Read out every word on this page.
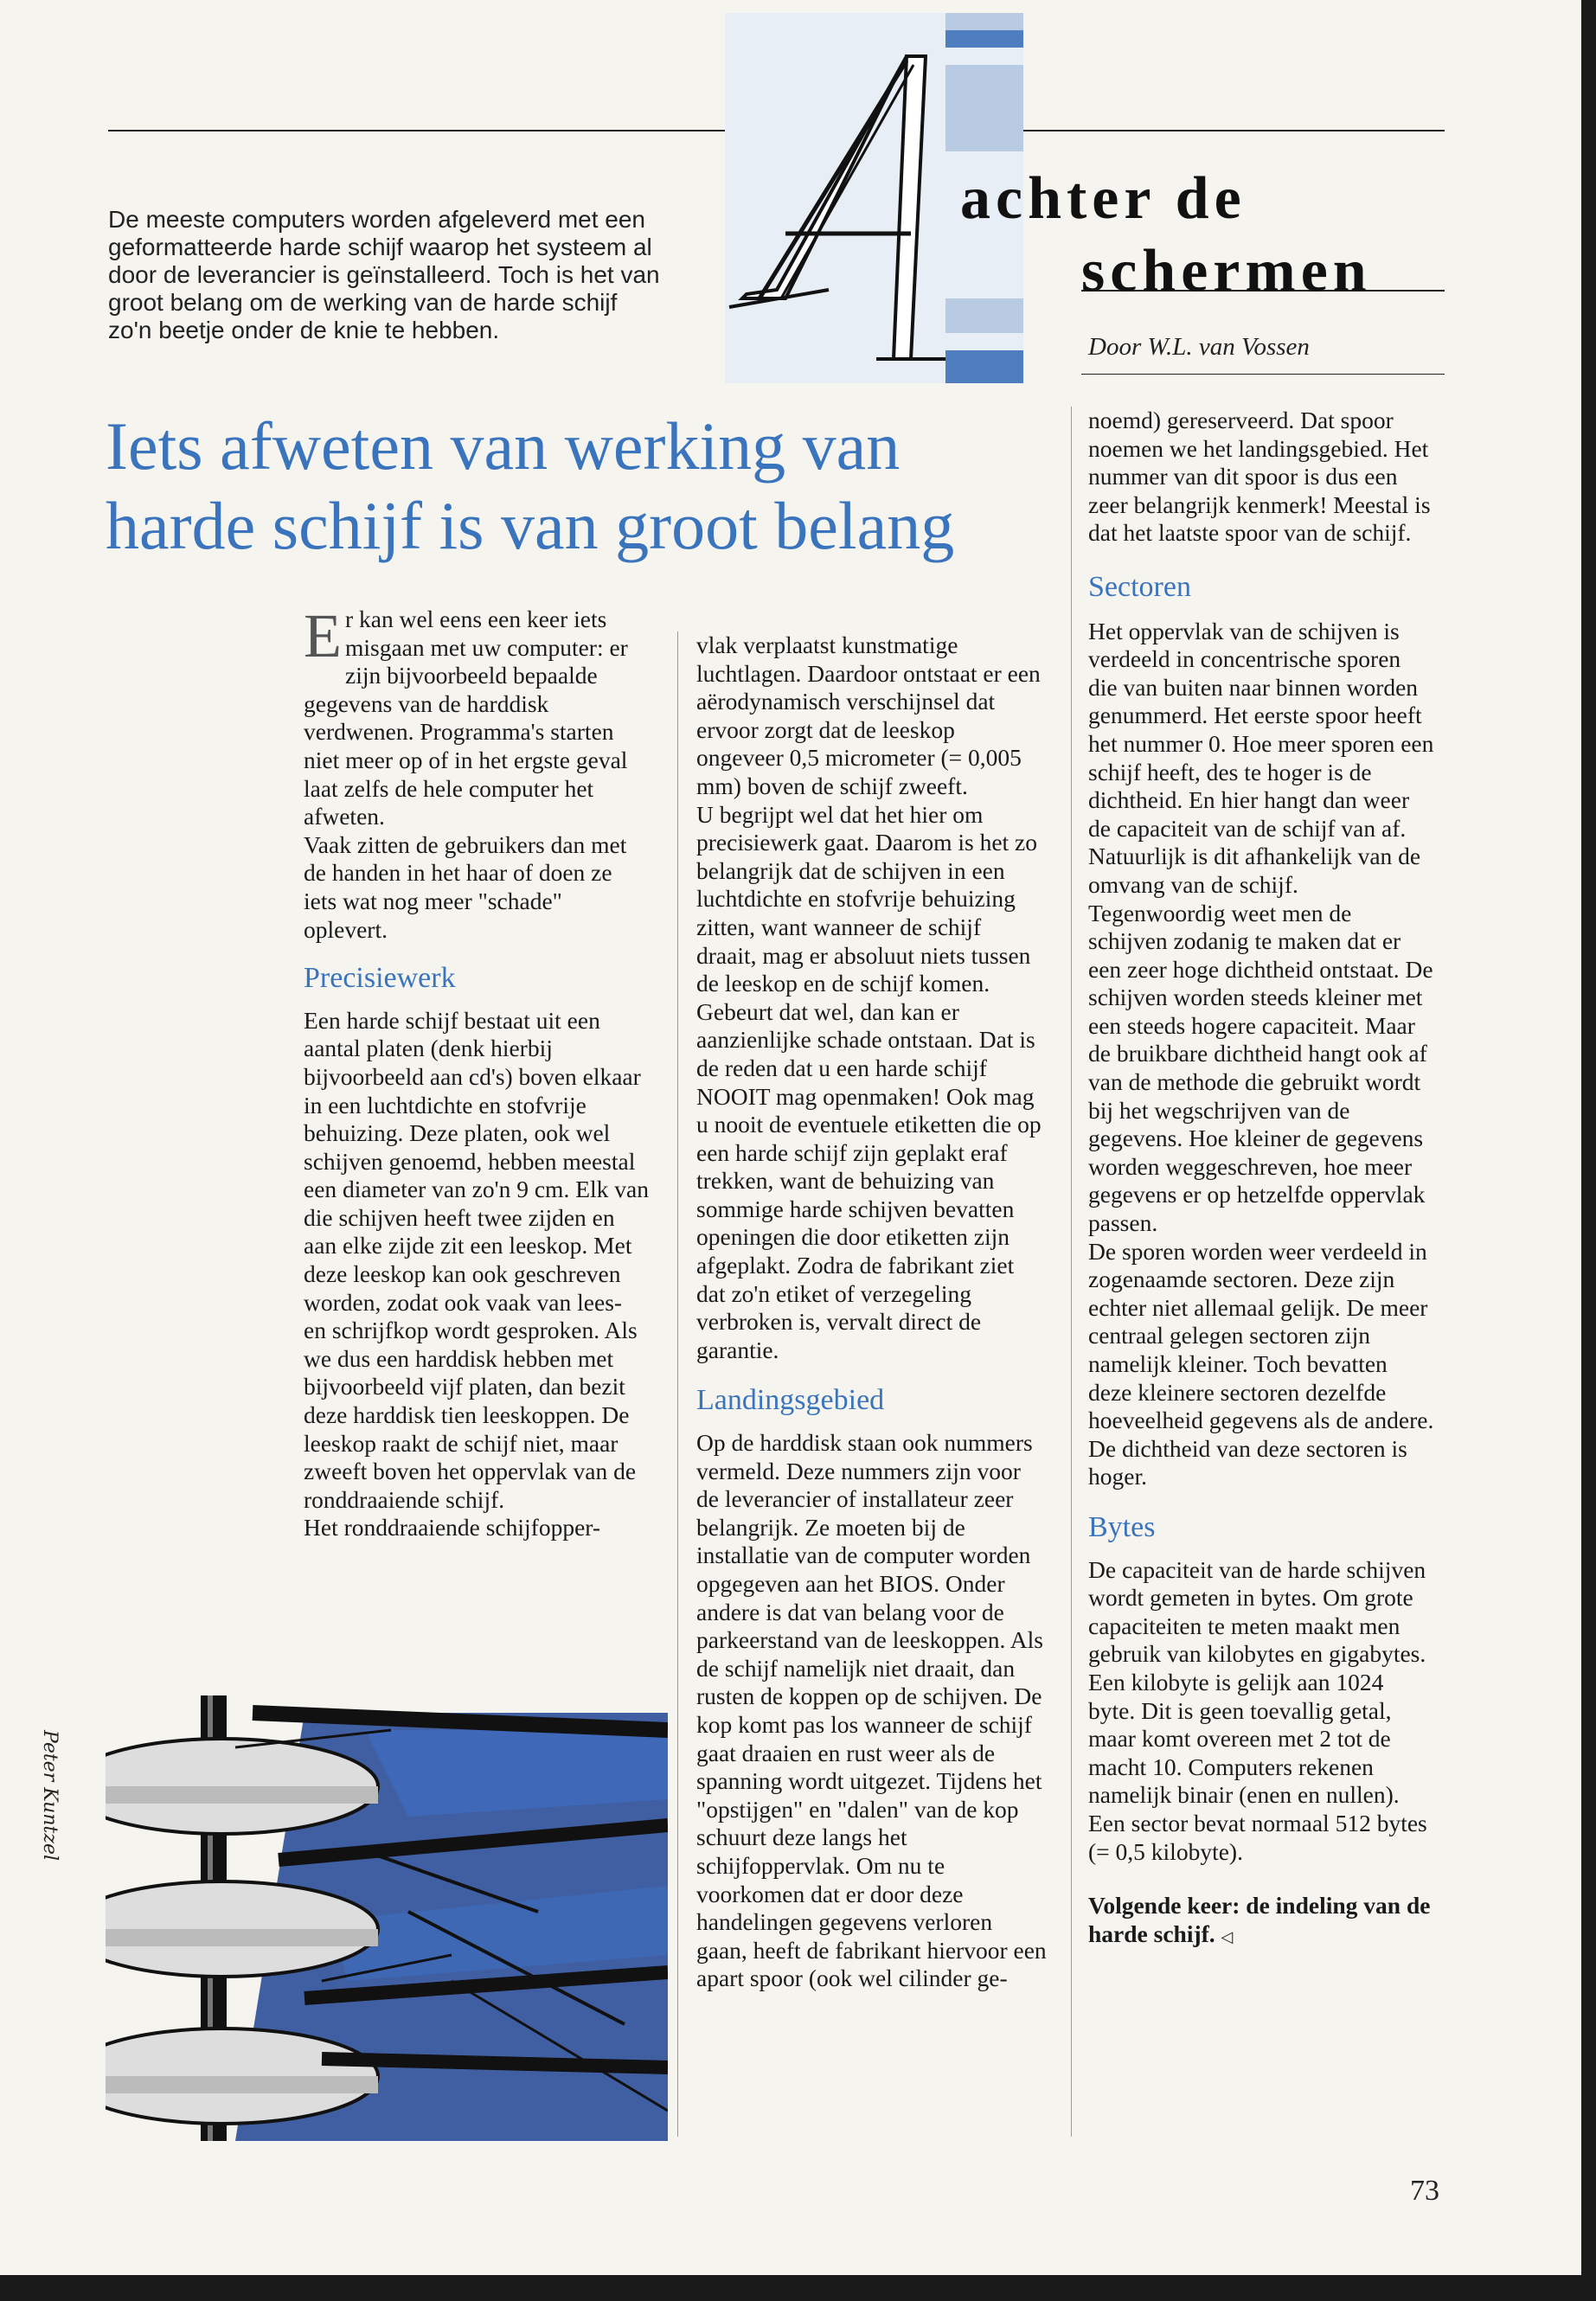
De meeste computers worden afgeleverd met een geformatteerde harde schijf waarop het systeem al door de leverancier is geïnstalleerd. Toch is het van groot belang om de werking van de harde schijf zo'n beetje onder de knie te hebben.

achter de
schermen
Door W.L. van Vossen
Iets afweten van werking van
harde schijf is van groot belang

Er kan wel eens een keer iets misgaan met uw computer: er zijn bijvoorbeeld bepaalde gegevens van de harddisk verdwenen. Programma's starten niet meer op of in het ergste geval laat zelfs de hele computer het afweten.

Vaak zitten de gebruikers dan met de handen in het haar of doen ze iets wat nog meer "schade" oplevert.

Precisiewerk

Een harde schijf bestaat uit een aantal platen (denk hierbij bijvoorbeeld aan cd's) boven elkaar in een luchtdichte en stofvrije behuizing. Deze platen, ook wel schijven genoemd, hebben meestal een diameter van zo'n 9 cm. Elk van die schijven heeft twee zijden en aan elke zijde zit een leeskop. Met deze leeskop kan ook geschreven worden, zodat ook vaak van lees- en schrijfkop wordt gesproken. Als we dus een harddisk hebben met bijvoorbeeld vijf platen, dan bezit deze harddisk tien leeskoppen. De leeskop raakt de schijf niet, maar zweeft boven het oppervlak van de ronddraaiende schijf.

Het ronddraaiende schijfopper-

vlak verplaatst kunstmatige luchtlagen. Daardoor ontstaat er een aërodynamisch verschijnsel dat ervoor zorgt dat de leeskop ongeveer 0,5 micrometer (= 0,005 mm) boven de schijf zweeft.

U begrijpt wel dat het hier om precisiewerk gaat. Daarom is het zo belangrijk dat de schijven in een luchtdichte en stofvrije behuizing zitten, want wanneer de schijf draait, mag er absoluut niets tussen de leeskop en de schijf komen. Gebeurt dat wel, dan kan er aanzienlijke schade ontstaan. Dat is de reden dat u een harde schijf NOOIT mag openmaken! Ook mag u nooit de eventuele etiketten die op een harde schijf zijn geplakt eraf trekken, want de behuizing van sommige harde schijven bevatten openingen die door etiketten zijn afgeplakt. Zodra de fabrikant ziet dat zo'n etiket of verzegeling verbroken is, vervalt direct de garantie.

Landingsgebied

Op de harddisk staan ook nummers vermeld. Deze nummers zijn voor de leverancier of installateur zeer belangrijk. Ze moeten bij de installatie van de computer worden opgegeven aan het BIOS. Onder andere is dat van belang voor de parkeerstand van de leeskoppen. Als de schijf namelijk niet draait, dan rusten de koppen op de schijven. De kop komt pas los wanneer de schijf gaat draaien en rust weer als de spanning wordt uitgezet. Tijdens het "opstijgen" en "dalen" van de kop schuurt deze langs het schijfoppervlak. Om nu te voorkomen dat er door deze handelingen gegevens verloren gaan, heeft de fabrikant hiervoor een apart spoor (ook wel cilinder ge-

noemd) gereserveerd. Dat spoor noemen we het landingsgebied. Het nummer van dit spoor is dus een zeer belangrijk kenmerk! Meestal is dat het laatste spoor van de schijf.

Sectoren

Het oppervlak van de schijven is verdeeld in concentrische sporen die van buiten naar binnen worden genummerd. Het eerste spoor heeft het nummer 0. Hoe meer sporen een schijf heeft, des te hoger is de dichtheid. En hier hangt dan weer de capaciteit van de schijf van af. Natuurlijk is dit afhankelijk van de omvang van de schijf. Tegenwoordig weet men de schijven zodanig te maken dat er een zeer hoge dichtheid ontstaat. De schijven worden steeds kleiner met een steeds hogere capaciteit. Maar de bruikbare dichtheid hangt ook af van de methode die gebruikt wordt bij het wegschrijven van de gegevens. Hoe kleiner de gegevens worden weggeschreven, hoe meer gegevens er op hetzelfde oppervlak passen.

De sporen worden weer verdeeld in zogenaamde sectoren. Deze zijn echter niet allemaal gelijk. De meer centraal gelegen sectoren zijn namelijk kleiner. Toch bevatten deze kleinere sectoren dezelfde hoeveelheid gegevens als de andere. De dichtheid van deze sectoren is hoger.

Bytes

De capaciteit van de harde schijven wordt gemeten in bytes. Om grote capaciteiten te meten maakt men gebruik van kilobytes en gigabytes. Een kilobyte is gelijk aan 1024 byte. Dit is geen toevallig getal, maar komt overeen met 2 tot de macht 10. Computers rekenen namelijk binair (enen en nullen). Een sector bevat normaal 512 bytes (= 0,5 kilobyte).

Volgende keer: de indeling van de harde schijf. ◁

Peter Kuntzel
73
